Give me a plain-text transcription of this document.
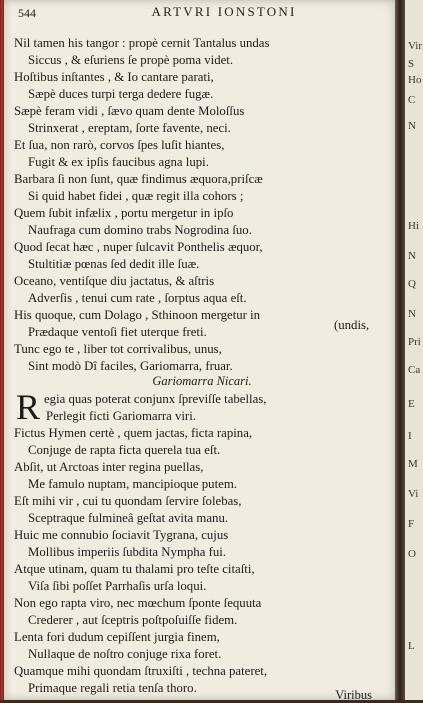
544	ARTVRI IONSTONI
Nil tamen his tangor : propè cernit Tantalus undas
Siccus , & eſuriens ſe propè poma videt.
Hoſtibus inſtantes , & Io cantare parati,
Sæpè duces turpi terga dedere fugæ.
Sæpè feram vidi , ſævo quam dente Moloſſus
Strinxerat , ereptam, ſorte favente, neci.
Et ſua, non rarò, corvos ſpes luſit hiantes,
Fugit & ex ipſis faucibus agna lupi.
Barbara ſi non ſunt, quæ findimus æquora,priſcæ
Si quid habet fidei , quæ regit illa cohors ;
Quem ſubit infælix , portu mergetur in ipſo
Naufraga cum domino trabs Nogrodina ſuo.
Quod ſecat hæc , nuper ſulcavit Ponthelis æquor,
Stultitiæ pœnas ſed dedit ille ſuæ.
Oceano, ventiſque diu jactatus, & aſtris
Adverſis , tenui cum rate , ſorptus aqua eſt.
His quoque, cum Dolago , Sthinoon mergetur in
Prædaque ventoſi fiet uterque freti.	(undis,
Tunc ego te , liber tot corrivalibus, unus,
Sint modò Dî faciles, Gariomarra, fruar.
Gariomarra Nicari.
R egia quas poterat conjunx ſpreviſſe tabellas,
Perlegit ficti Gariomarra viri.
Fictus Hymen certè , quem jactas, ficta rapina,
Conjuge de rapta ficta querela tua eſt.
Abſit, ut Arctoas inter regina puellas,
Me famulo nuptam, mancipioque putem.
Eſt mihi vir , cui tu quondam ſervire ſolebas,
Sceptraque fulmineâ geſtat avita manu.
Huic me connubio ſociavit Tygrana, cujus
Mollibus imperiis ſubdita Nympha fui.
Atque utinam, quam tu thalami pro teſte citaſti,
Viſa ſibi poſſet Parrhaſis urſa loqui.
Non ego rapta viro, nec mœchum ſponte ſequuta
Crederer , aut ſceptris poſtpoſuiſſe fidem.
Lenta fori dudum cepiſſent jurgia finem,
Nullaque de noſtro conjuge rixa foret.
Quamque mihi quondam ſtruxiſti , techna pateret,
Primaque regali retia tenſa thoro.	Viribus
Vir
S
Ho
C
N
Hi
N
Q
N
Pri
Ca
E
I
M
Vi
F
O
L
